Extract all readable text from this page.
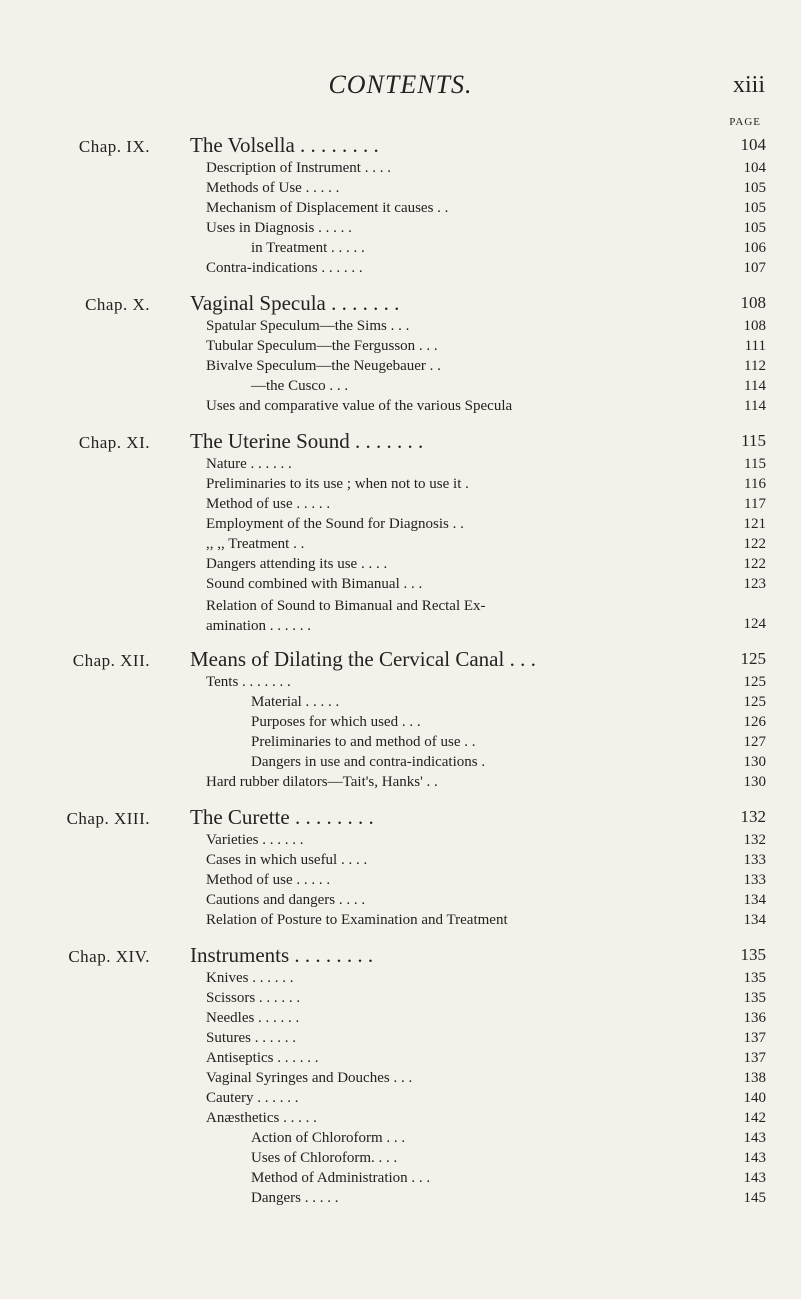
CONTENTS.	xiii
PAGE
Chap. IX. The Volsella . . . . . . . .	104
Description of Instrument . . . .	104
Methods of Use . . . . .	105
Mechanism of Displacement it causes . .	105
Uses in Diagnosis . . . . .	105
in Treatment . . . . .	106
Contra-indications . . . . . .	107
Chap. X. Vaginal Specula . . . . . . .	108
Spatular Speculum—the Sims . . .	108
Tubular Speculum—the Fergusson . . .	111
Bivalve Speculum—the Neugebauer . .	112
—the Cusco . . .	114
Uses and comparative value of the various Specula	114
Chap. XI. The Uterine Sound . . . . . . .	115
Nature . . . . . .	115
Preliminaries to its use ; when not to use it .	116
Method of use . . . . .	117
Employment of the Sound for Diagnosis . .	121
,, ,, Treatment . .	122
Dangers attending its use . . . .	122
Sound combined with Bimanual . . .	123
Relation of Sound to Bimanual and Rectal Ex-
amination . . . . . .	124
Chap. XII. Means of Dilating the Cervical Canal . . .	125
Tents . . . . . . .	125
Material . . . . .	125
Purposes for which used . . .	126
Preliminaries to and method of use . .	127
Dangers in use and contra-indications .	130
Hard rubber dilators—Tait's, Hanks' . .	130
Chap. XIII. The Curette . . . . . . . .	132
Varieties . . . . . .	132
Cases in which useful . . . .	133
Method of use . . . . .	133
Cautions and dangers . . . .	134
Relation of Posture to Examination and Treatment	134
Chap. XIV. Instruments . . . . . . . .	135
Knives . . . . . .	135
Scissors . . . . . .	135
Needles . . . . . .	136
Sutures . . . . . .	137
Antiseptics . . . . . .	137
Vaginal Syringes and Douches . . .	138
Cautery . . . . . .	140
Anæsthetics . . . . .	142
Action of Chloroform . . .	143
Uses of Chloroform. . . .	143
Method of Administration . . .	143
Dangers . . . . .	145
